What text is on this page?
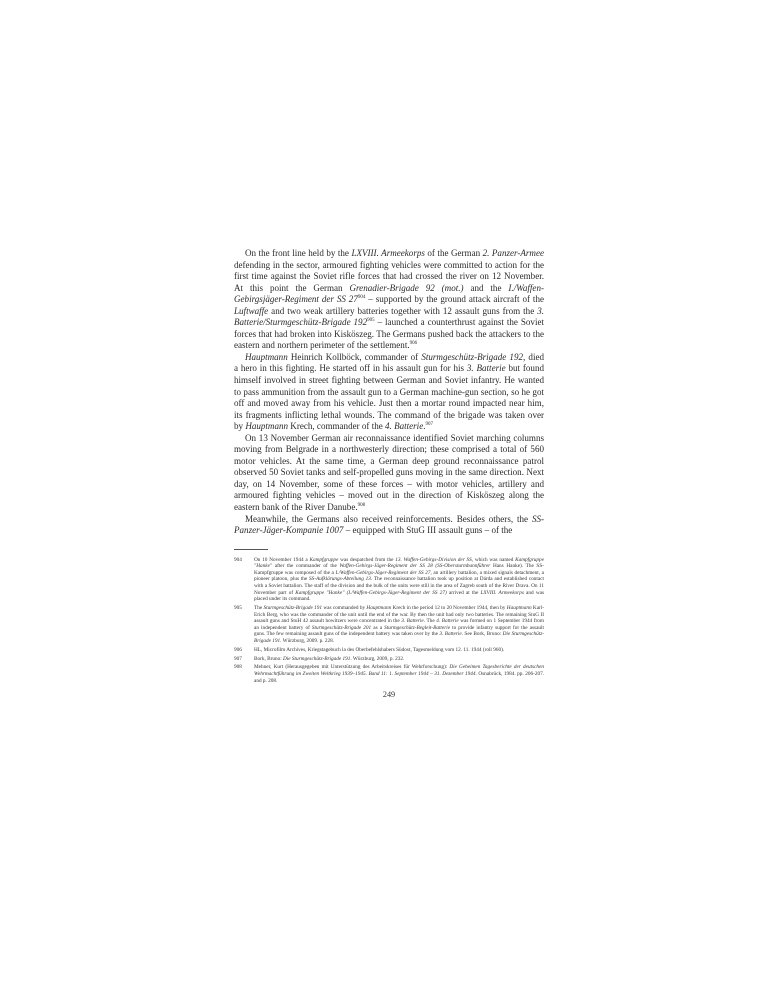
On the front line held by the LXVIII. Armeekorps of the German 2. Panzer-Armee defending in the sector, armoured fighting vehicles were committed to action for the first time against the Soviet rifle forces that had crossed the river on 12 November. At this point the German Grenadier-Brigade 92 (mot.) and the I./Waffen-Gebirgsjäger-Regiment der SS $27^{904}$ – supported by the ground attack aircraft of the Luftwaffe and two weak artillery batteries together with 12 assault guns from the 3. Batterie/Sturmgeschütz-Brigade $192^{905}$ – launched a counterthrust against the Soviet forces that had broken into Kisköszeg. The Germans pushed back the attackers to the eastern and northern perimeter of the settlement.$^{906}$

Hauptmann Heinrich Kollböck, commander of Sturmgeschütz-Brigade 192, died a hero in this fighting. He started off in his assault gun for his 3. Batterie but found himself involved in street fighting between German and Soviet infantry. He wanted to pass ammunition from the assault gun to a German machine-gun section, so he got off and moved away from his vehicle. Just then a mortar round impacted near him, its fragments inflicting lethal wounds. The command of the brigade was taken over by Hauptmann Krech, commander of the 4. Batterie.$^{907}$

On 13 November German air reconnaissance identified Soviet marching columns moving from Belgrade in a northwesterly direction; these comprised a total of 560 motor vehicles. At the same time, a German deep ground reconnaissance patrol observed 50 Soviet tanks and self-propelled guns moving in the same direction. Next day, on 14 November, some of these forces – with motor vehicles, artillery and armoured fighting vehicles – moved out in the direction of Kisköszeg along the eastern bank of the River Danube.$^{908}$

Meanwhile, the Germans also received reinforcements. Besides others, the SS-Panzer-Jäger-Kompanie 1007 – equipped with StuG III assault guns – of the

904	On 10 November 1944 a Kampfgruppe was despatched from the 13. Waffen-Gebirgs-Division der SS, which was named Kampfgruppe "Hanke" after the commander of the Waffen-Gebirgs-Jäger-Regiment der SS 28 (SS-Obersturmbannführer Hans Hanke). The SS-Kampfgruppe was composed of the a I./Waffen-Gebirgs-Jäger-Regiment der SS 27, an artillery battalion, a mixed signals detachment, a pioneer platoon, plus the SS-Aufklärungs-Abteilung 13. The reconnaissance battalion took up position at Dárda and established contact with a Soviet battalion. The staff of the division and the bulk of the units were still in the area of Zagreb south of the River Drava. On 11 November part of Kampfgruppe "Hanke" (I./Waffen-Gebirgs-Jäger-Regiment der SS 27) arrived at the LXVIII. Armeekorps and was placed under its command.
905	The Sturmgeschütz-Brigade 191 was commanded by Hauptmann Krech in the period 12 to 20 November 1944, then by Hauptmann Karl-Erich Berg, who was the commander of the unit until the end of the war. By then the unit had only two batteries. The remaining StuG II assault guns and StuH 42 assault howitzers were concentrated in the 3. Batterie. The 4. Batterie was formed on 1 September 1944 from an independent battery of Sturmgeschütz-Brigade 201 as a Sturmgeschütz-Begleit-Batterie to provide infantry support for the assault guns. The few remaining assault guns of the independent battery was taken over by the 3. Batterie. See Bork, Bruno: Die Sturmgeschütz-Brigade 191. Würzburg, 2009. p. 228.
906	HL, Microfilm Archives, Kriegstagebuch la des Oberbefehlshabers Südost, Tagesmeldung vom 12. 11. 1944 (roll 960).
907	Bork, Bruno: Die Sturmgeschütz-Brigade 191. Würzburg, 2009, p. 232.
908	Mehner, Kurt (Herausgegeben mit Unterstützung des Arbeitskreises für Wehrforschung): Die Geheimen Tagesberichte der deutschen Wehrmachtführung im Zweiten Weltkrieg 1939–1945. Band 11: 1. September 1944 – 31. Dezember 1944. Osnabrück, 1984. pp. 206-207. and p. 208.
249
